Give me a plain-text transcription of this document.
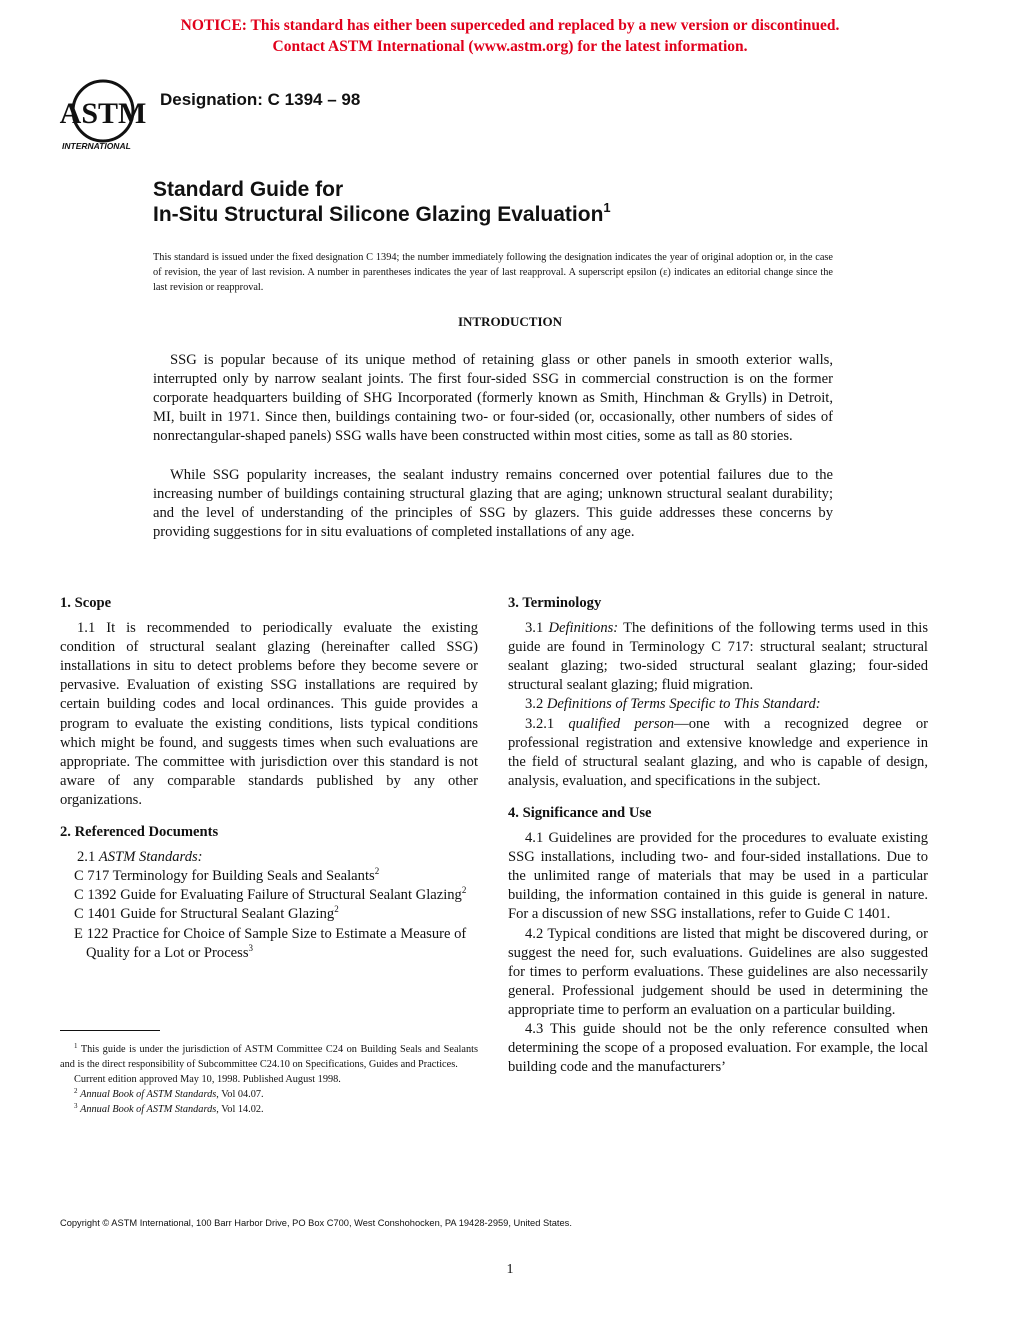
NOTICE: This standard has either been superceded and replaced by a new version or discontinued.
Contact ASTM International (www.astm.org) for the latest information.
ASTM
INTERNATIONAL
Designation: C 1394 – 98
Standard Guide for
In-Situ Structural Silicone Glazing Evaluation$^1$
This standard is issued under the fixed designation C 1394; the number immediately following the designation indicates the year of original adoption or, in the case of revision, the year of last revision. A number in parentheses indicates the year of last reapproval. A superscript epsilon (ε) indicates an editorial change since the last revision or reapproval.
INTRODUCTION

SSG is popular because of its unique method of retaining glass or other panels in smooth exterior walls, interrupted only by narrow sealant joints. The first four-sided SSG in commercial construction is on the former corporate headquarters building of SHG Incorporated (formerly known as Smith, Hinchman & Grylls) in Detroit, MI, built in 1971. Since then, buildings containing two- or four-sided (or, occasionally, other numbers of sides of nonrectangular-shaped panels) SSG walls have been constructed within most cities, some as tall as 80 stories.

While SSG popularity increases, the sealant industry remains concerned over potential failures due to the increasing number of buildings containing structural glazing that are aging; unknown structural sealant durability; and the level of understanding of the principles of SSG by glazers. This guide addresses these concerns by providing suggestions for in situ evaluations of completed installations of any age.

1. Scope

1.1 It is recommended to periodically evaluate the existing condition of structural sealant glazing (hereinafter called SSG) installations in situ to detect problems before they become severe or pervasive. Evaluation of existing SSG installations are required by certain building codes and local ordinances. This guide provides a program to evaluate the existing conditions, lists typical conditions which might be found, and suggests times when such evaluations are appropriate. The committee with jurisdiction over this standard is not aware of any comparable standards published by any other organizations.

2. Referenced Documents

2.1 ASTM Standards:

C 717 Terminology for Building Seals and Sealants$^2$

C 1392 Guide for Evaluating Failure of Structural Sealant Glazing$^2$

C 1401 Guide for Structural Sealant Glazing$^2$

E 122 Practice for Choice of Sample Size to Estimate a Measure of Quality for a Lot or Process$^3$

$^1$ This guide is under the jurisdiction of ASTM Committee C24 on Building Seals and Sealants and is the direct responsibility of Subcommittee C24.10 on Specifications, Guides and Practices.

Current edition approved May 10, 1998. Published August 1998.

$^2$ Annual Book of ASTM Standards, Vol 04.07.

$^3$ Annual Book of ASTM Standards, Vol 14.02.

3. Terminology

3.1 Definitions: The definitions of the following terms used in this guide are found in Terminology C 717: structural sealant; structural sealant glazing; two-sided structural sealant glazing; four-sided structural sealant glazing; fluid migration.

3.2 Definitions of Terms Specific to This Standard:

3.2.1 qualified person—one with a recognized degree or professional registration and extensive knowledge and experience in the field of structural sealant glazing, and who is capable of design, analysis, evaluation, and specifications in the subject.

4. Significance and Use

4.1 Guidelines are provided for the procedures to evaluate existing SSG installations, including two- and four-sided installations. Due to the unlimited range of materials that may be used in a particular building, the information contained in this guide is general in nature. For a discussion of new SSG installations, refer to Guide C 1401.

4.2 Typical conditions are listed that might be discovered during, or suggest the need for, such evaluations. Guidelines are also suggested for times to perform evaluations. These guidelines are also necessarily general. Professional judgement should be used in determining the appropriate time to perform an evaluation on a particular building.

4.3 This guide should not be the only reference consulted when determining the scope of a proposed evaluation. For example, the local building code and the manufacturers’

Copyright © ASTM International, 100 Barr Harbor Drive, PO Box C700, West Conshohocken, PA 19428-2959, United States.
1
